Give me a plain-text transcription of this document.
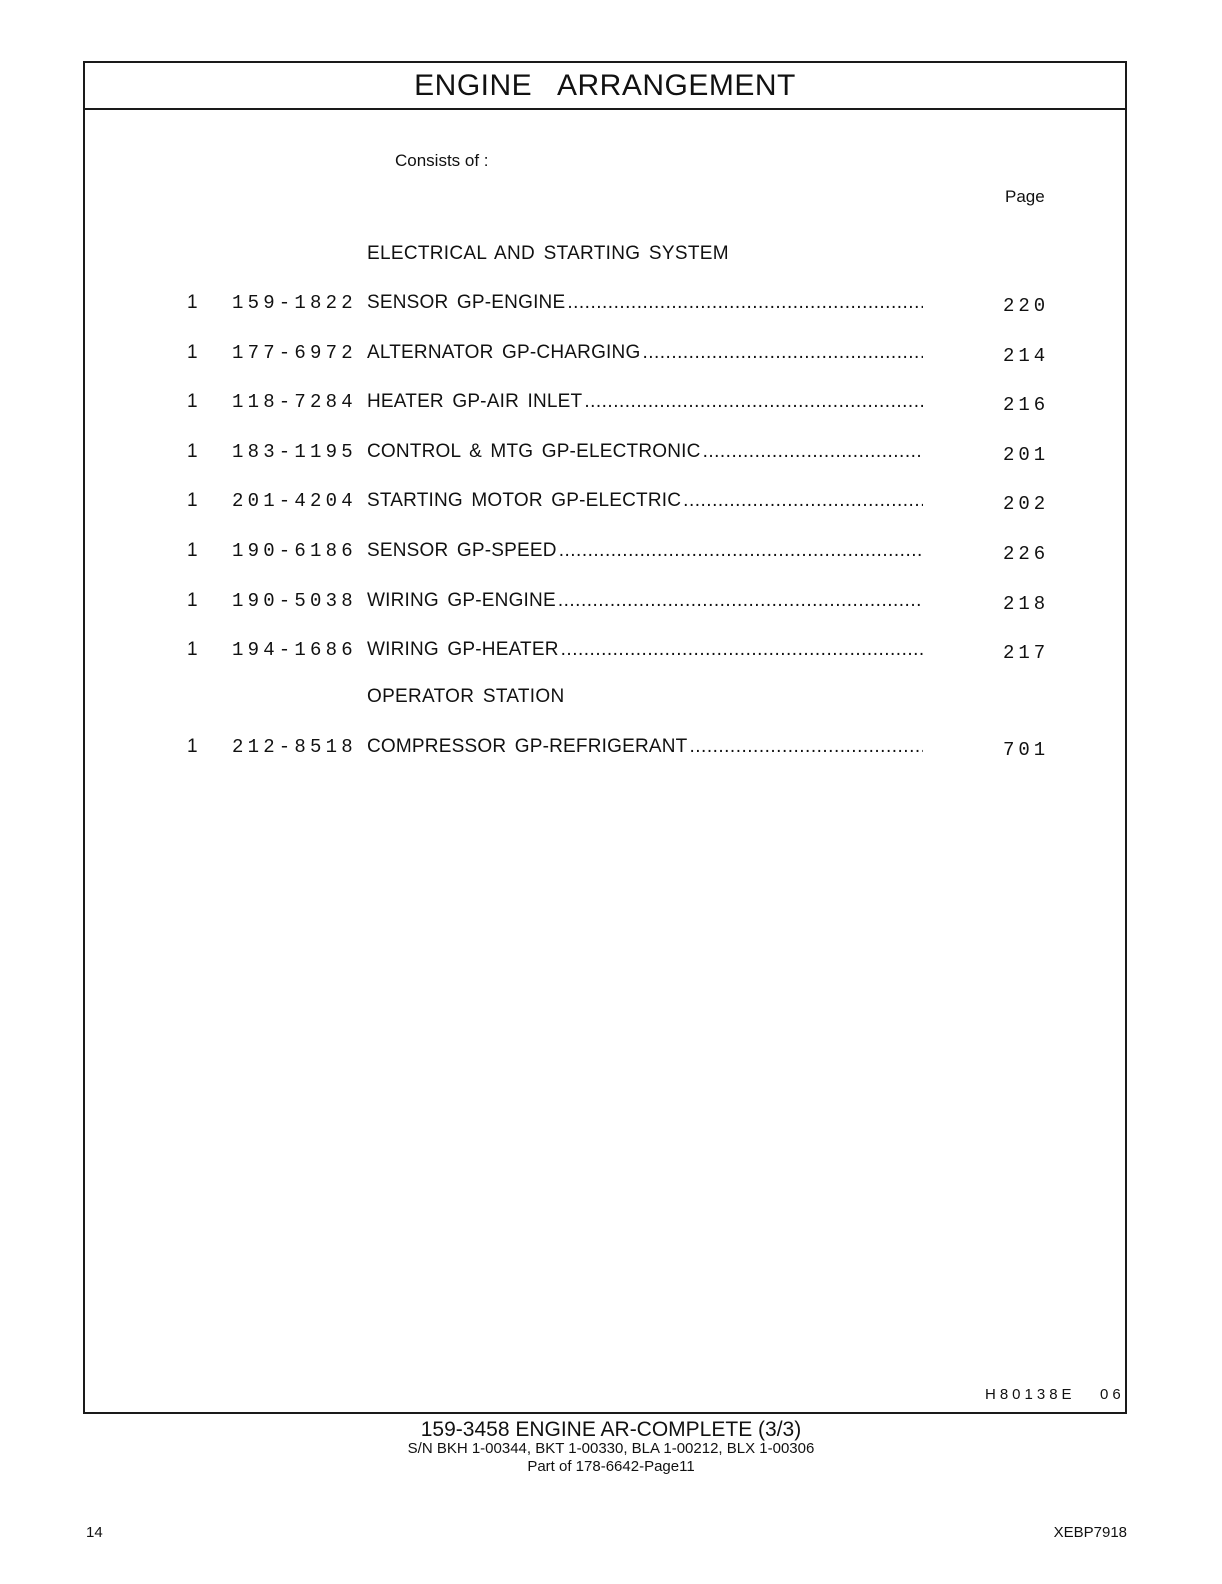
ENGINE   ARRANGEMENT
Consists of :
Page
ELECTRICAL AND STARTING SYSTEM
1 159-1822 SENSOR GP-ENGINE .....	220
1 177-6972 ALTERNATOR GP-CHARGING .....	214
1 118-7284 HEATER GP-AIR INLET .....	216
1 183-1195 CONTROL & MTG GP-ELECTRONIC .....	201
1 201-4204 STARTING MOTOR GP-ELECTRIC .....	202
1 190-6186 SENSOR GP-SPEED .....	226
1 190-5038 WIRING GP-ENGINE .....	218
1 194-1686 WIRING GP-HEATER .....	217
OPERATOR STATION
1 212-8518 COMPRESSOR GP-REFRIGERANT .....	701
H80138E   06
159-3458 ENGINE AR-COMPLETE (3/3)
S/N BKH 1-00344, BKT 1-00330, BLA 1-00212, BLX 1-00306
Part of 178-6642-Page11
14	XEBP7918
